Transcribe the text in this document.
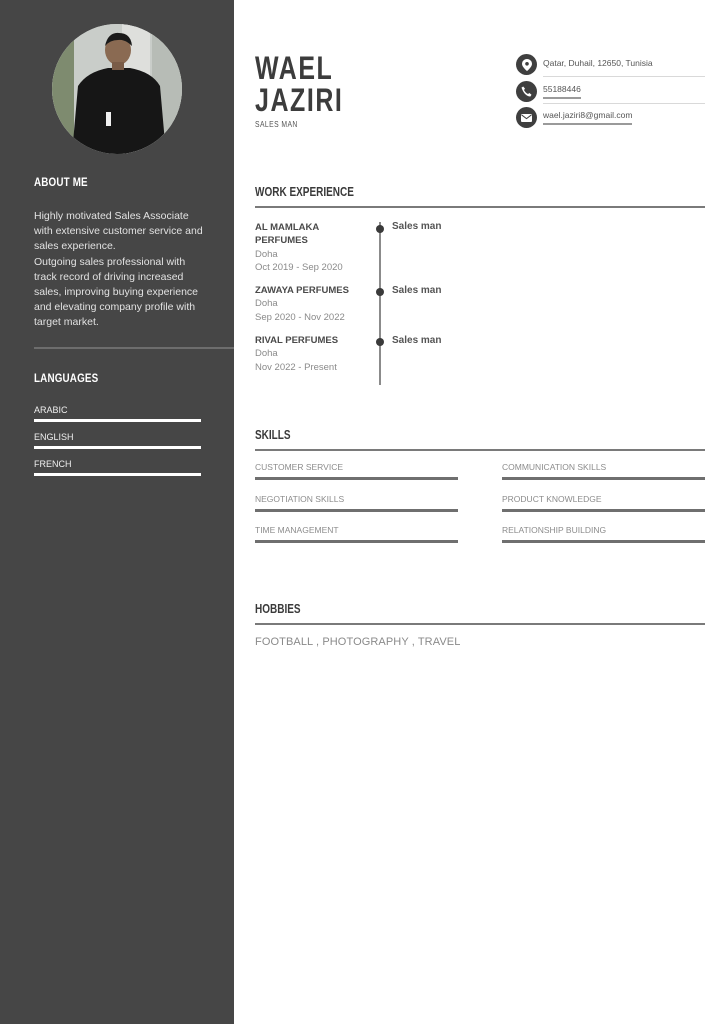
ABOUT ME

Highly motivated Sales Associate with extensive customer service and sales experience.

Outgoing sales professional with track record of driving increased sales, improving buying experience and elevating company profile with target market.

LANGUAGES
ARABIC
ENGLISH
FRENCH
WAEL
JAZIRI
SALES MAN
Qatar, Duhail, 12650, Tunisia
55188446
wael.jaziri8@gmail.com
WORK EXPERIENCE
AL MAMLAKA PERFUMES
Doha
Oct 2019 - Sep 2020
Sales man
ZAWAYA PERFUMES
Doha
Sep 2020 - Nov 2022
Sales man
RIVAL PERFUMES
Doha
Nov 2022 - Present
Sales man
SKILLS
CUSTOMER SERVICE	COMMUNICATION SKILLS
NEGOTIATION SKILLS	PRODUCT KNOWLEDGE
TIME MANAGEMENT	RELATIONSHIP BUILDING
HOBBIES
FOOTBALL , PHOTOGRAPHY , TRAVEL
